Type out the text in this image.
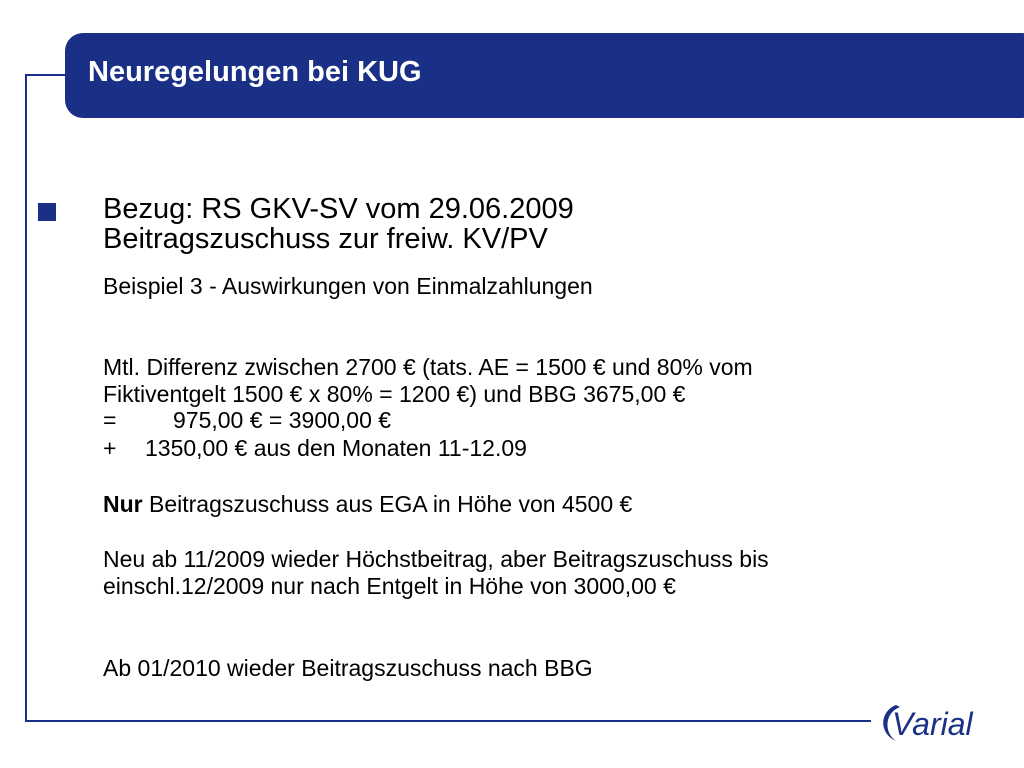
Neuregelungen bei KUG
Bezug: RS GKV-SV vom 29.06.2009
Beitragszuschuss zur freiw. KV/PV
Beispiel 3 - Auswirkungen von Einmalzahlungen
Mtl. Differenz zwischen 2700 € (tats. AE = 1500 € und 80% vom
Fiktiventgelt 1500 € x 80% = 1200 €) und BBG 3675,00 €
= 975,00 € = 3900,00 €
+ 1350,00 € aus den Monaten 11-12.09
Nur Beitragszuschuss aus EGA in Höhe von 4500 €
Neu ab 11/2009 wieder Höchstbeitrag, aber Beitragszuschuss bis
einschl.12/2009 nur nach Entgelt in Höhe von 3000,00 €
Ab 01/2010 wieder Beitragszuschuss nach BBG
Varial
